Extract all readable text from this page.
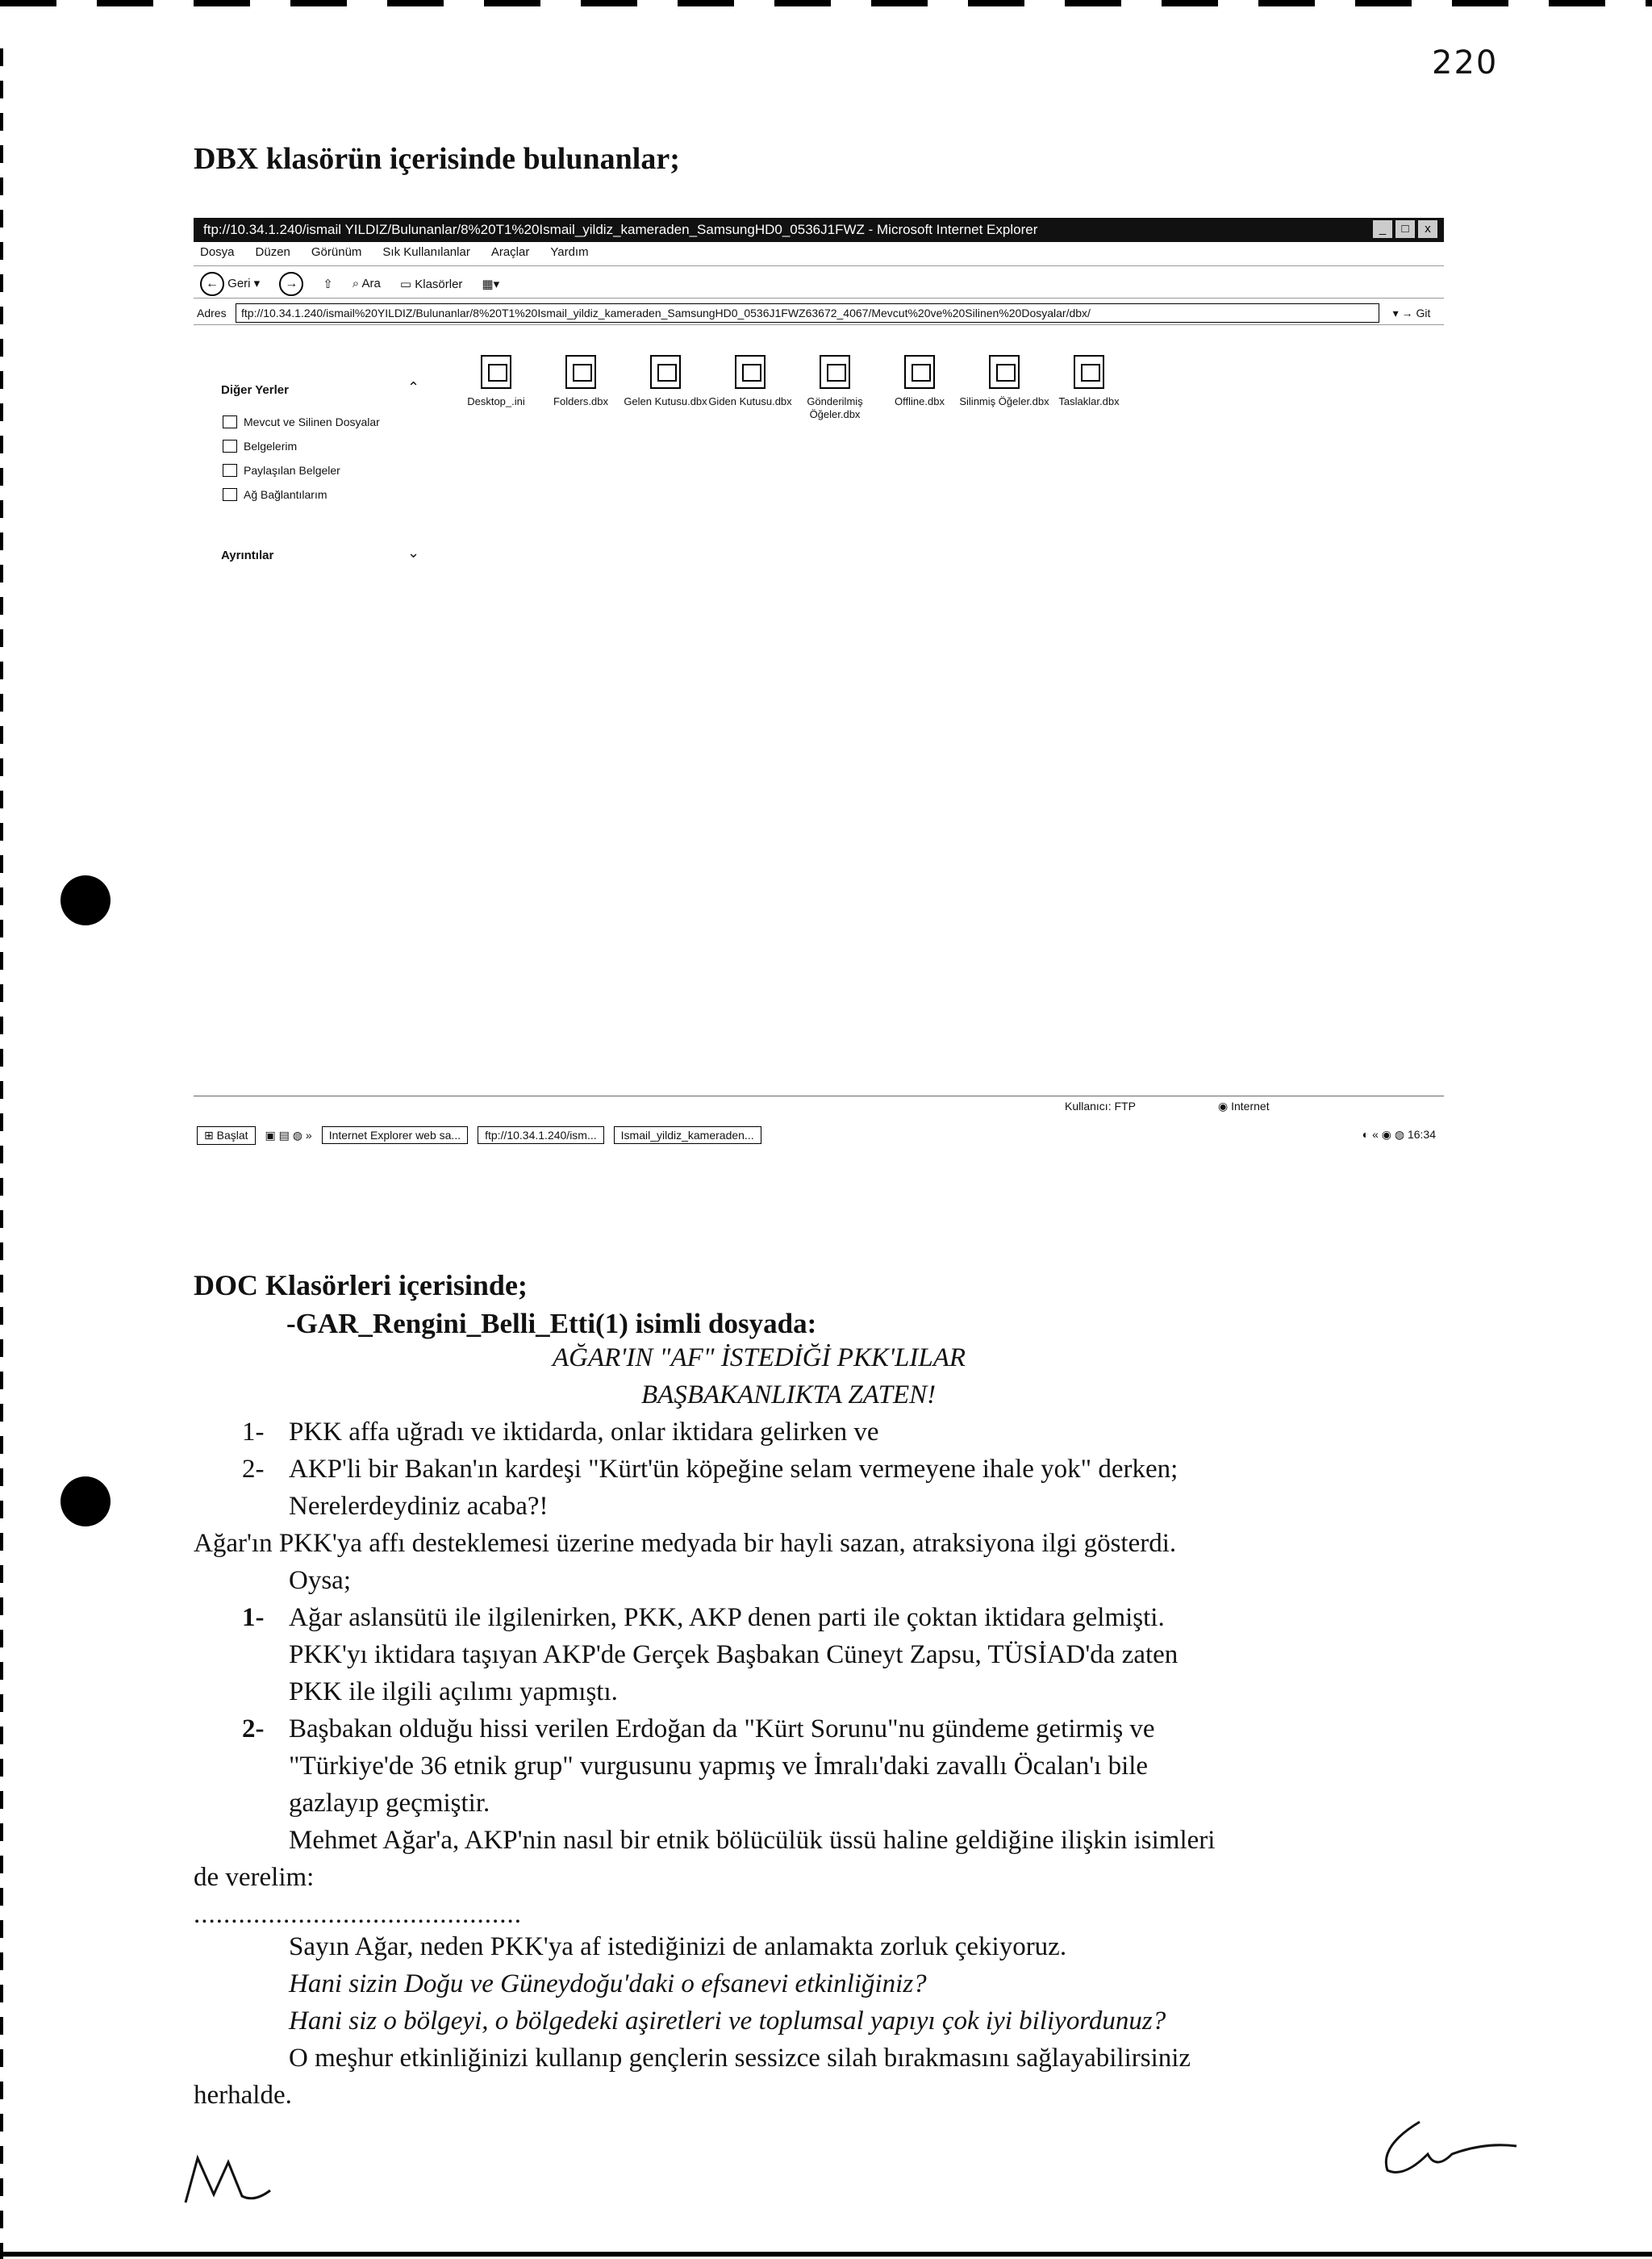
220
DBX klasörün içerisinde bulunanlar;
ftp://10.34.1.240/ismail YILDIZ/Bulunanlar/8%20T1%20Ismail_yildiz_kameraden_SamsungHD0_0536J1FWZ - Microsoft Internet Explorer	_	□	x
Dosya Düzen Görünüm Sık Kullanılanlar Araçlar Yardım
← Geri ▾	→	⇧ ⌕ Ara ▭ Klasörler ▦▾
Adres	ftp://10.34.1.240/ismail%20YILDIZ/Bulunanlar/8%20T1%20Ismail_yildiz_kameraden_SamsungHD0_0536J1FWZ63672_4067/Mevcut%20ve%20Silinen%20Dosyalar/dbx/	▾ → Git
Diğer Yerler	⌃
Mevcut ve Silinen Dosyalar
Belgelerim
Paylaşılan Belgeler
Ağ Bağlantılarım
Ayrıntılar	⌄
Desktop_.ini	Folders.dbx	Gelen Kutusu.dbx Giden Kutusu.dbx	Gönderilmiş Öğeler.dbx
Offline.dbx	Silinmiş Öğeler.dbx Taslaklar.dbx
Kullanıcı: FTP	◉ Internet
⊞ Başlat	▣ ▤ ◍ »	Internet Explorer web sa...	ftp://10.34.1.240/ism...	Ismail_yildiz_kameraden...	◐ « ◉ ◍ 16:34
DOC Klasörleri içerisinde;
-GAR_Rengini_Belli_Etti(1) isimli dosyada:
AĞAR'IN "AF" İSTEDİĞİ PKK'LILAR
BAŞBAKANLIKTA ZATEN!
1- PKK affa uğradı ve iktidarda, onlar iktidara gelirken ve
2- AKP'li bir Bakan'ın kardeşi "Kürt'ün köpeğine selam vermeyene ihale yok" derken;
Nerelerdeydiniz acaba?!
Ağar'ın PKK'ya affı desteklemesi üzerine medyada bir hayli sazan, atraksiyona ilgi gösterdi.
Oysa;
1- Ağar aslansütü ile ilgilenirken, PKK, AKP denen parti ile çoktan iktidara gelmişti.
PKK'yı iktidara taşıyan AKP'de Gerçek Başbakan Cüneyt Zapsu, TÜSİAD'da zaten
PKK ile ilgili açılımı yapmıştı.
2- Başbakan olduğu hissi verilen Erdoğan da "Kürt Sorunu"nu gündeme getirmiş ve
"Türkiye'de 36 etnik grup" vurgusunu yapmış ve İmralı'daki zavallı Öcalan'ı bile
gazlayıp geçmiştir.
Mehmet Ağar'a, AKP'nin nasıl bir etnik bölücülük üssü haline geldiğine ilişkin isimleri
de verelim:
............................................
Sayın Ağar, neden PKK'ya af istediğinizi de anlamakta zorluk çekiyoruz.
Hani sizin Doğu ve Güneydoğu'daki o efsanevi etkinliğiniz?
Hani siz o bölgeyi, o bölgedeki aşiretleri ve toplumsal yapıyı çok iyi biliyordunuz?
O meşhur etkinliğinizi kullanıp gençlerin sessizce silah bırakmasını sağlayabilirsiniz
herhalde.
